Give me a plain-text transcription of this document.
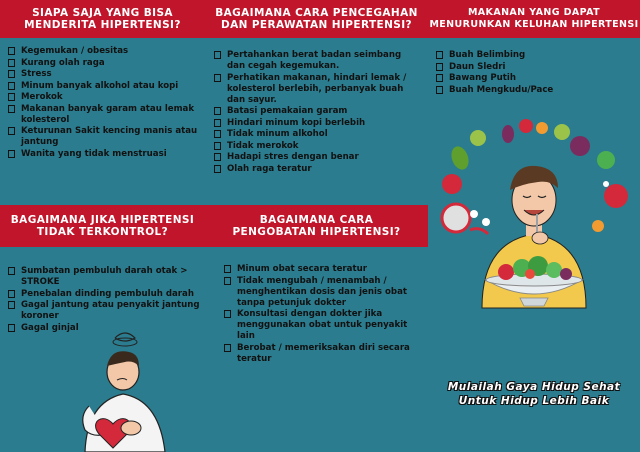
SIAPA SAJA YANG BISA
MENDERITA HIPERTENSI?
Kegemukan / obesitas
Kurang olah raga
Stress
Minum banyak alkohol atau kopi
Merokok
Makanan banyak garam atau lemak kolesterol
Keturunan Sakit kencing manis atau jantung
Wanita yang tidak menstruasi
BAGAIMANA JIKA HIPERTENSI
TIDAK TERKONTROL?
Sumbatan pembuluh darah otak > STROKE
Penebalan dinding pembuluh darah
Gagal jantung atau penyakit jantung koroner
Gagal ginjal
BAGAIMANA CARA PENCEGAHAN
DAN PERAWATAN HIPERTENSI?
Pertahankan berat badan seimbang dan cegah kegemukan.
Perhatikan makanan, hindari lemak / kolesterol berlebih, perbanyak buah dan sayur.
Batasi pemakaian garam
Hindari minum kopi berlebih
Tidak minum alkohol
Tidak merokok
Hadapi stres dengan benar
Olah raga teratur
BAGAIMANA CARA
PENGOBATAN HIPERTENSI?
Minum obat secara teratur
Tidak mengubah / menambah / menghentikan dosis dan jenis obat tanpa petunjuk dokter
Konsultasi dengan dokter jika menggunakan obat untuk penyakit lain
Berobat / memeriksakan diri secara teratur
MAKANAN YANG DAPAT
MENURUNKAN KELUHAN HIPERTENSI
Buah Belimbing
Daun Sledri
Bawang Putih
Buah Mengkudu/Pace
Mulailah Gaya Hidup Sehat
Untuk Hidup Lebih Baik
